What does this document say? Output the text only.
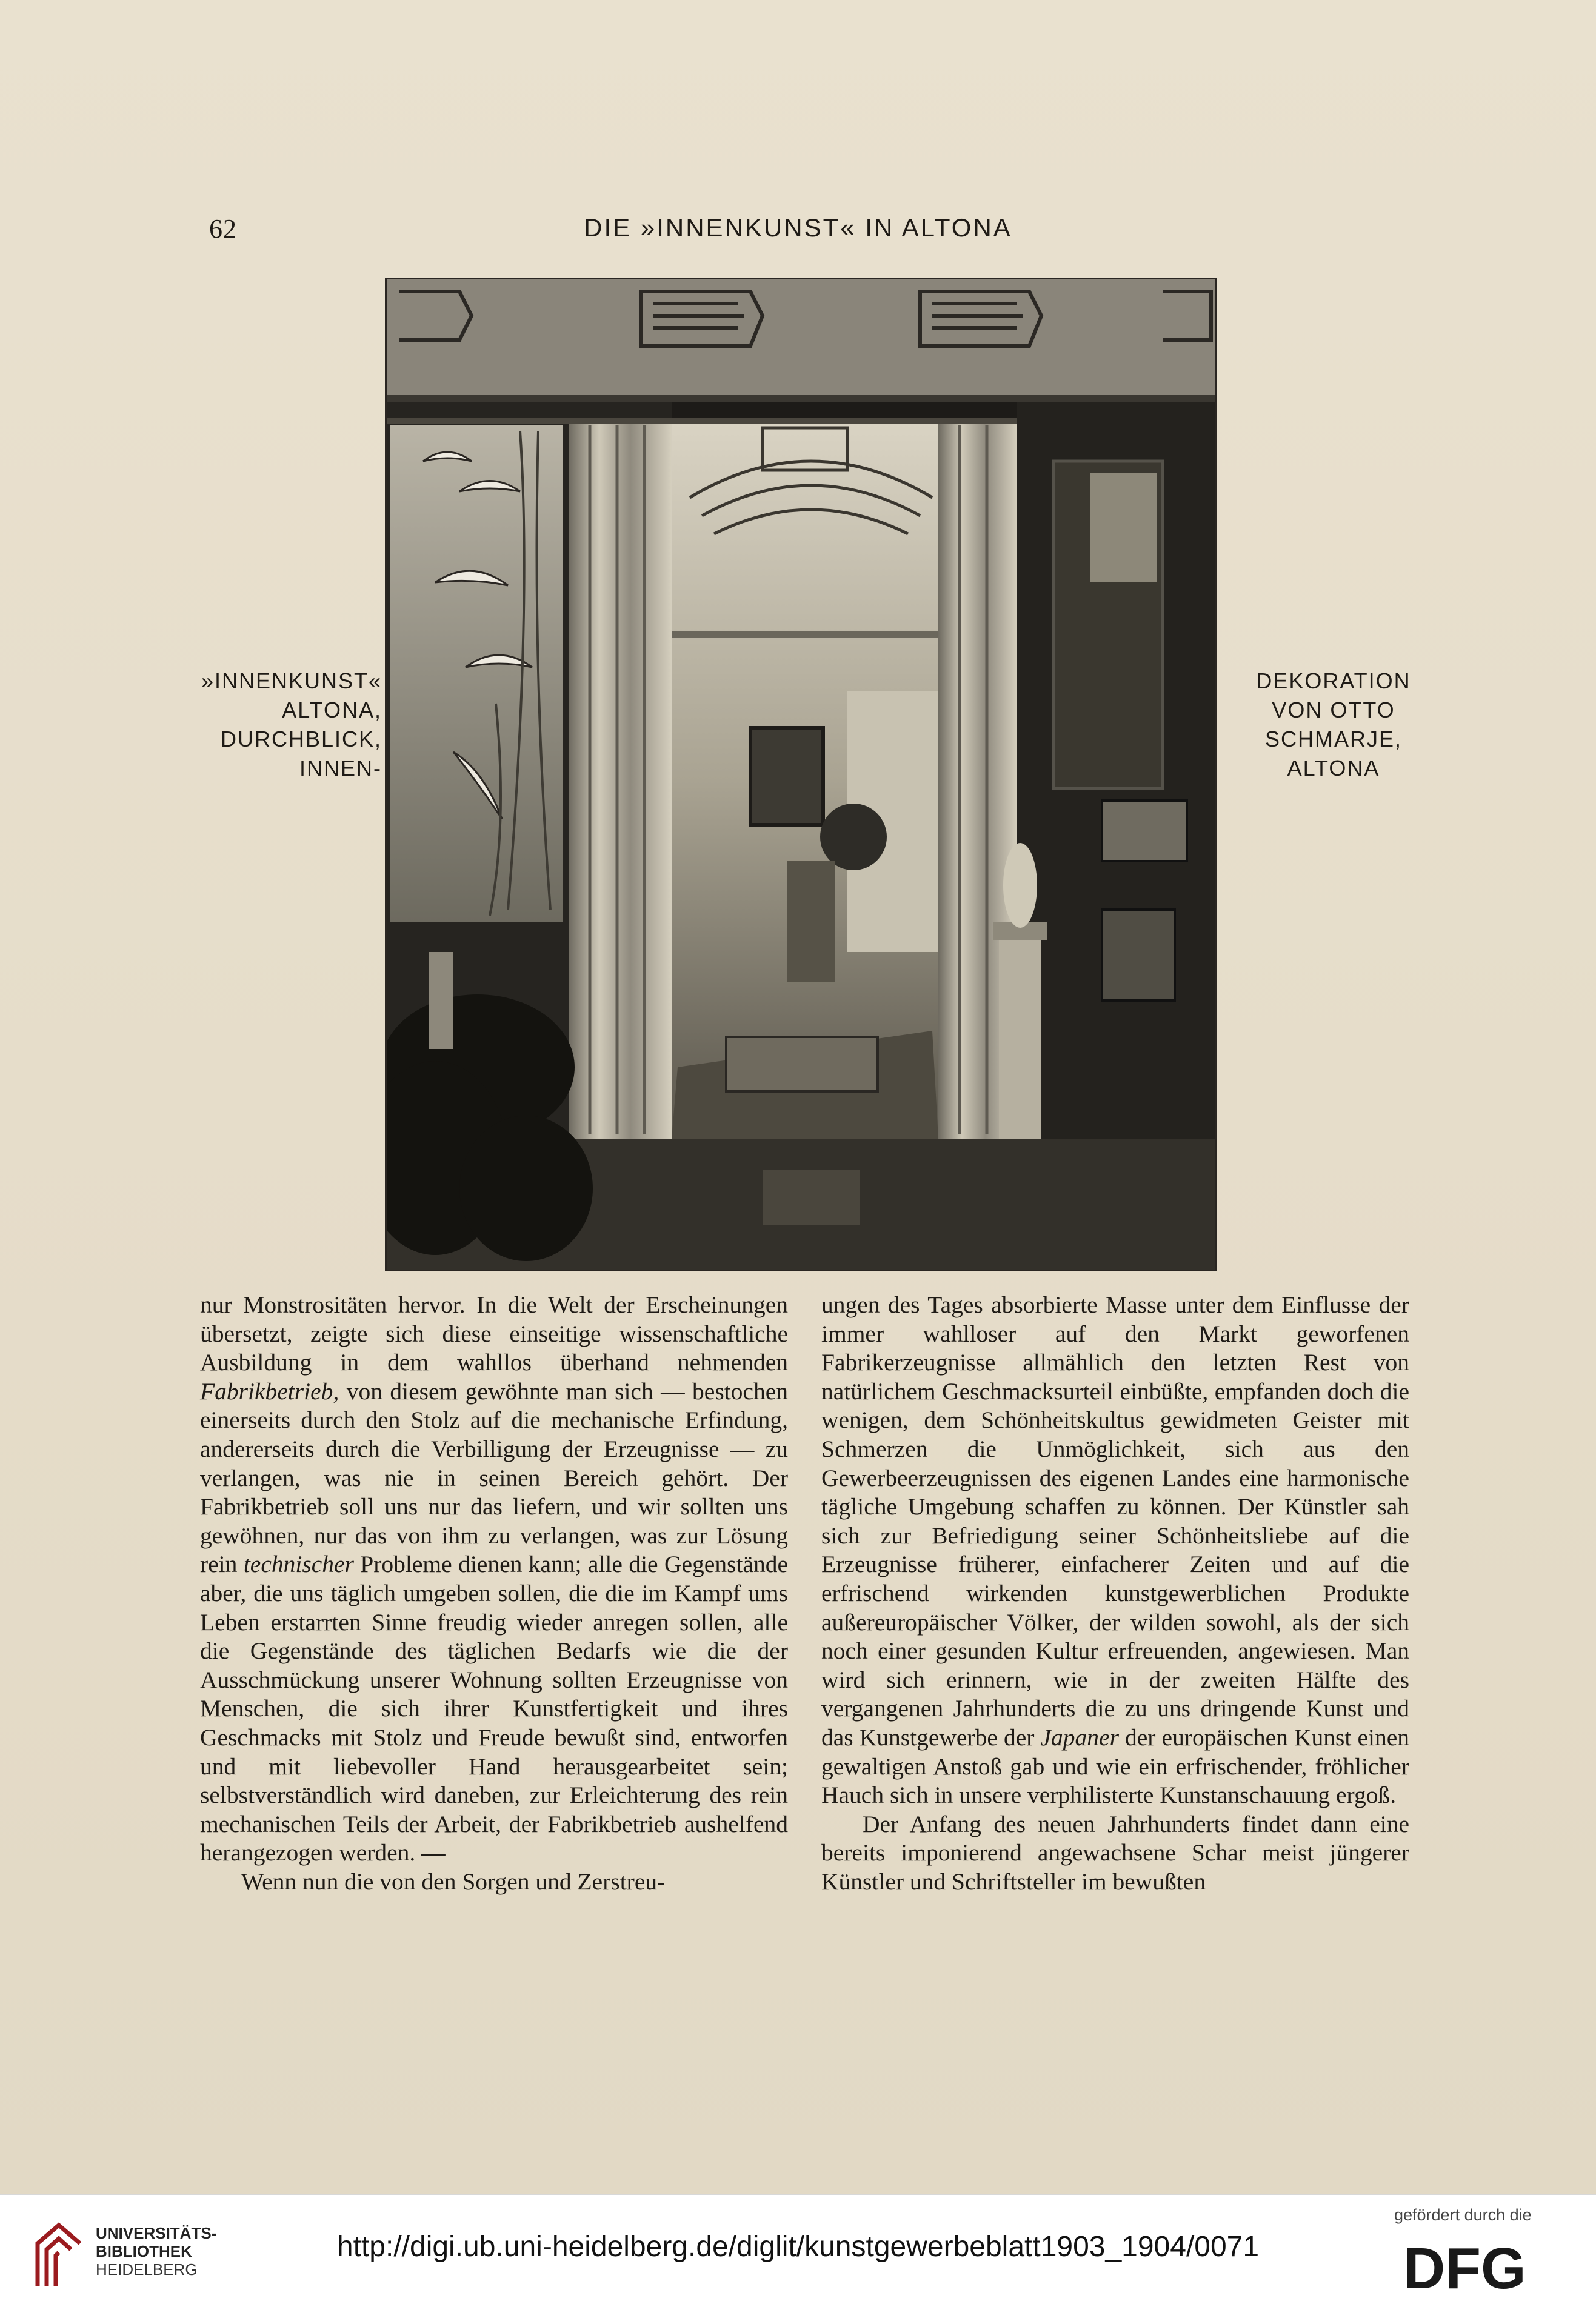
62	DIE »INNENKUNST« IN ALTONA
»INNENKUNST«
ALTONA,
DURCHBLICK,
INNEN-
DEKORATION
VON OTTO
SCHMARJE,
ALTONA

nur Monstrositäten hervor. In die Welt der Erscheinungen übersetzt, zeigte sich diese einseitige wissenschaftliche Ausbildung in dem wahllos überhand nehmenden Fabrikbetrieb, von diesem gewöhnte man sich — bestochen einerseits durch den Stolz auf die mechanische Erfindung, andererseits durch die Verbilligung der Erzeugnisse — zu verlangen, was nie in seinen Bereich gehört. Der Fabrikbetrieb soll uns nur das liefern, und wir sollten uns gewöhnen, nur das von ihm zu verlangen, was zur Lösung rein technischer Probleme dienen kann; alle die Gegenstände aber, die uns täglich umgeben sollen, die die im Kampf ums Leben erstarrten Sinne freudig wieder anregen sollen, alle die Gegenstände des täglichen Bedarfs wie die der Ausschmückung unserer Wohnung sollten Erzeugnisse von Menschen, die sich ihrer Kunstfertigkeit und ihres Geschmacks mit Stolz und Freude bewußt sind, entworfen und mit liebevoller Hand herausgearbeitet sein; selbstverständlich wird daneben, zur Erleichterung des rein mechanischen Teils der Arbeit, der Fabrikbetrieb aushelfend herangezogen werden. —

Wenn nun die von den Sorgen und Zerstreu-

ungen des Tages absorbierte Masse unter dem Einflusse der immer wahlloser auf den Markt geworfenen Fabrikerzeugnisse allmählich den letzten Rest von natürlichem Geschmacksurteil einbüßte, empfanden doch die wenigen, dem Schönheitskultus gewidmeten Geister mit Schmerzen die Unmöglichkeit, sich aus den Gewerbeerzeugnissen des eigenen Landes eine harmonische tägliche Umgebung schaffen zu können. Der Künstler sah sich zur Befriedigung seiner Schönheitsliebe auf die Erzeugnisse früherer, einfacherer Zeiten und auf die erfrischend wirkenden kunstgewerblichen Produkte außereuropäischer Völker, der wilden sowohl, als der sich noch einer gesunden Kultur erfreuenden, angewiesen. Man wird sich erinnern, wie in der zweiten Hälfte des vergangenen Jahrhunderts die zu uns dringende Kunst und das Kunstgewerbe der Japaner der europäischen Kunst einen gewaltigen Anstoß gab und wie ein erfrischender, fröhlicher Hauch sich in unsere verphilisterte Kunstanschauung ergoß.

Der Anfang des neuen Jahrhunderts findet dann eine bereits imponierend angewachsene Schar meist jüngerer Künstler und Schriftsteller im bewußten

UNIVERSITÄTS-
BIBLIOTHEK
HEIDELBERG
http://digi.ub.uni-heidelberg.de/diglit/kunstgewerbeblatt1903_1904/0071
gefördert durch die
DFG
